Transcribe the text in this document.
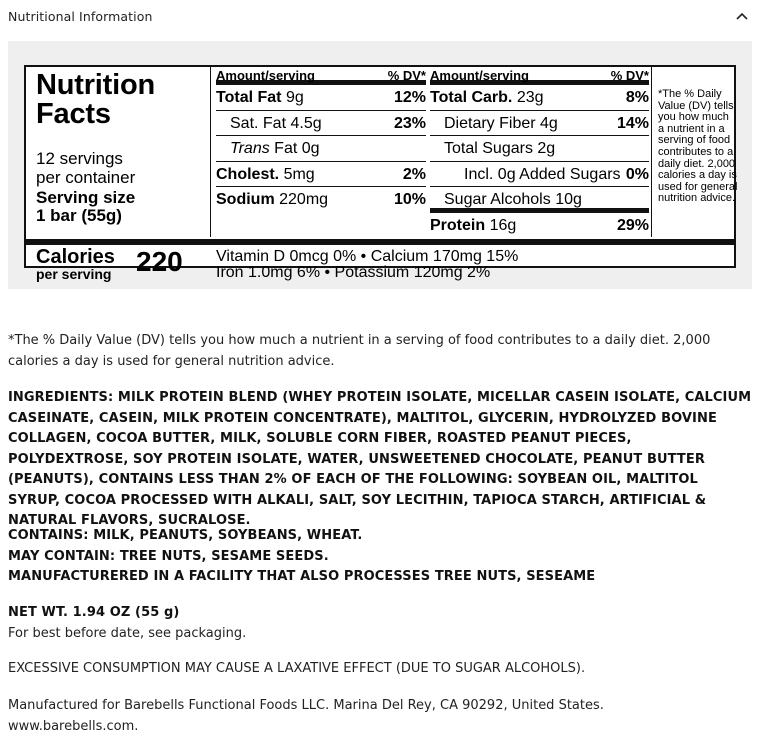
Nutritional Information
Nutrition
Facts
12 servings
per container
Serving size
1 bar (55g)
Calories
per serving 220
Amount/serving	% DV*
Total Fat 9g	12%
Sat. Fat 4.5g	23%
Trans Fat 0g
Cholest. 5mg	2%
Sodium 220mg	10%
Amount/serving	% DV*
Total Carb. 23g	8%
Dietary Fiber 4g	14%
Total Sugars 2g
Incl. 0g Added Sugars 0%
Sugar Alcohols 10g
Protein 16g	29%
*The % Daily Value (DV) tells you how much a nutrient in a serving of food contributes to a daily diet. 2,000 calories a day is used for general nutrition advice.
Vitamin D 0mcg 0% • Calcium 170mg 15%
Iron 1.0mg 6% • Potassium 120mg 2%
*The % Daily Value (DV) tells you how much a nutrient in a serving of food contributes to a daily diet. 2,000 calories a day is used for general nutrition advice.
INGREDIENTS: MILK PROTEIN BLEND (WHEY PROTEIN ISOLATE, MICELLAR CASEIN ISOLATE, CALCIUM CASEINATE, CASEIN, MILK PROTEIN CONCENTRATE), MALTITOL, GLYCERIN, HYDROLYZED BOVINE COLLAGEN, COCOA BUTTER, MILK, SOLUBLE CORN FIBER, ROASTED PEANUT PIECES, POLYDEXTROSE, SOY PROTEIN ISOLATE, WATER, UNSWEETENED CHOCOLATE, PEANUT BUTTER (PEANUTS), CONTAINS LESS THAN 2% OF EACH OF THE FOLLOWING: SOYBEAN OIL, MALTITOL SYRUP, COCOA PROCESSED WITH ALKALI, SALT, SOY LECITHIN, TAPIOCA STARCH, ARTIFICIAL & NATURAL FLAVORS, SUCRALOSE.
CONTAINS: MILK, PEANUTS, SOYBEANS, WHEAT.
MAY CONTAIN: TREE NUTS, SESAME SEEDS.
MANUFACTURERED IN A FACILITY THAT ALSO PROCESSES TREE NUTS, SESEAME
NET WT. 1.94 OZ (55 g)
For best before date, see packaging.
EXCESSIVE CONSUMPTION MAY CAUSE A LAXATIVE EFFECT (DUE TO SUGAR ALCOHOLS).
Manufactured for Barebells Functional Foods LLC. Marina Del Rey, CA 90292, United States.
www.barebells.com.
